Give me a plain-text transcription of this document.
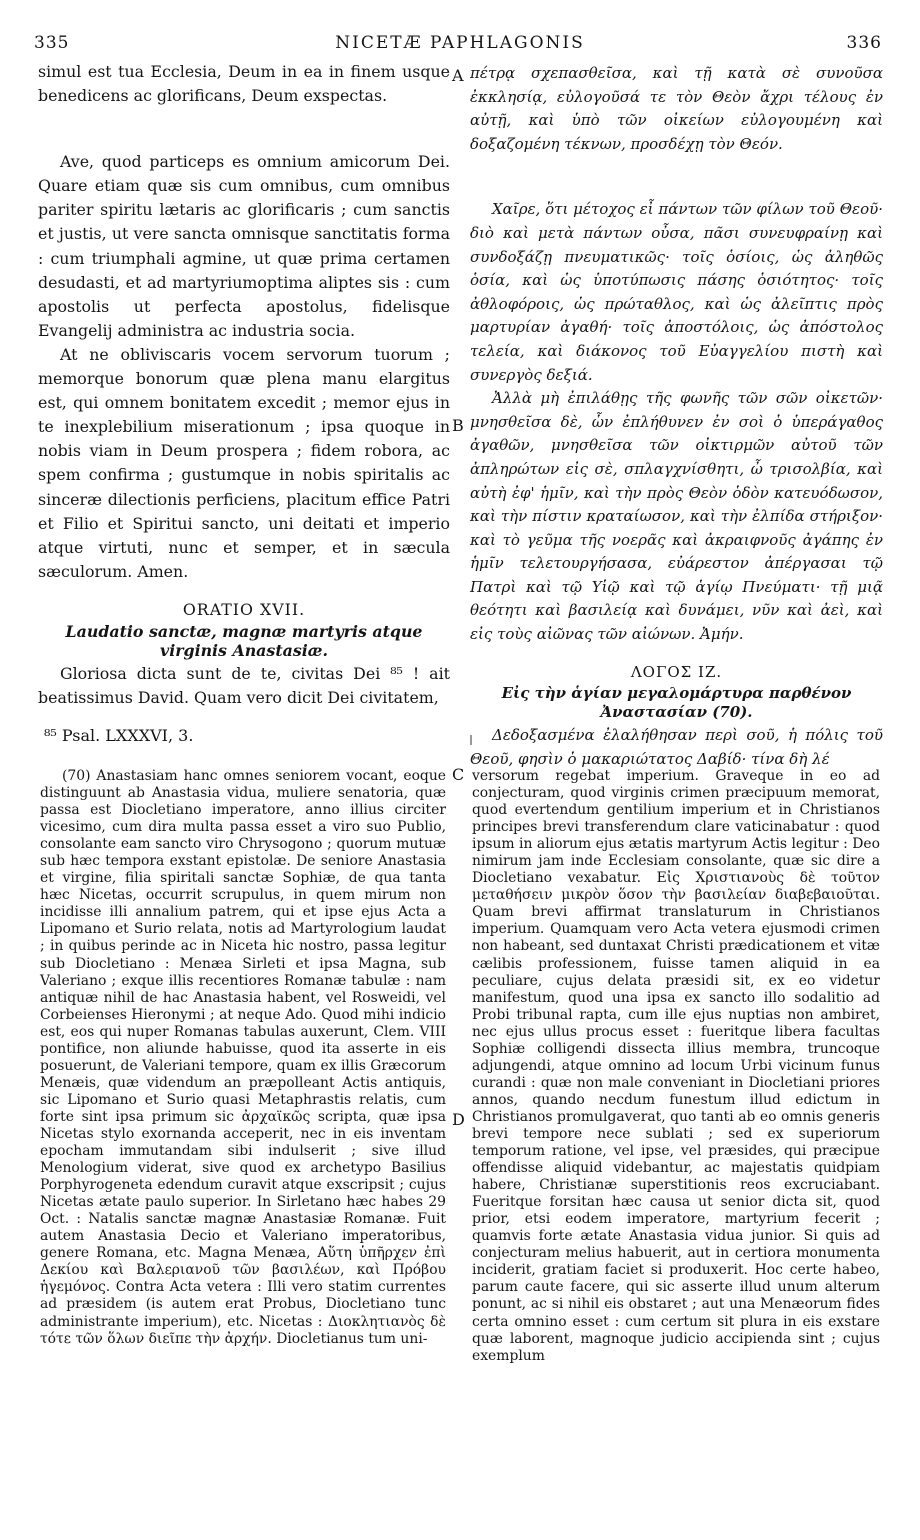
335	NICETÆ PAPHLAGONIS	336
A
B
C
D

simul est tua Ecclesia, Deum in ea in finem usque benedicens ac glorificans, Deum exspectas.

Ave, quod particeps es omnium amicorum Dei. Quare etiam quæ sis cum omnibus, cum omnibus pariter spiritu lætaris ac glorificaris ; cum sanctis et justis, ut vere sancta omnisque sanctitatis forma : cum triumphali agmine, ut quæ prima certamen desudasti, et ad martyriumoptima aliptes sis : cum apostolis ut perfecta apostolus, fidelisque Evangelij administra ac industria socia.

At ne obliviscaris vocem servorum tuorum ; memorque bonorum quæ plena manu elargitus est, qui omnem bonitatem excedit ; memor ejus in te inexplebilium miserationum ; ipsa quoque in nobis viam in Deum prospera ; fidem robora, ac spem confirma ; gustumque in nobis spiritalis ac sinceræ dilectionis perficiens, placitum effice Patri et Filio et Spiritui sancto, uni deitati et imperio atque virtuti, nunc et semper, et in sæcula sæculorum. Amen.

ORATIO XVII.

Laudatio sanctæ, magnæ martyris atque virginis Anastasiæ.

Gloriosa dicta sunt de te, civitas Dei ⁸⁵ ! ait beatissimus David. Quam vero dicit Dei civitatem,

πέτρᾳ σχεπασθεῖσα, καὶ τῇ κατὰ σὲ συνοῦσα ἐκκλησίᾳ, εὐλογοῦσά τε τὸν Θεὸν ἄχρι τέλους ἐν αὐτῇ, καὶ ὑπὸ τῶν οἰκείων εὐλογουμένη καὶ δοξαζομένη τέκνων, προσδέχῃ τὸν Θεόν.

Χαῖρε, ὅτι μέτοχος εἶ πάντων τῶν φίλων τοῦ Θεοῦ· διὸ καὶ μετὰ πάντων οὖσα, πᾶσι συνευφραίνῃ καὶ συνδοξάζῃ πνευματικῶς· τοῖς ὁσίοις, ὡς ἀληθῶς ὁσία, καὶ ὡς ὑποτύπωσις πάσης ὁσιότητος· τοῖς ἀθλοφόροις, ὡς πρώταθλος, καὶ ὡς ἀλεῖπτις πρὸς μαρτυρίαν ἀγαθή· τοῖς ἀποστόλοις, ὡς ἀπόστολος τελεία, καὶ διάκονος τοῦ Εὐαγγελίου πιστὴ καὶ συνεργὸς δεξιά.

Ἀλλὰ μὴ ἐπιλάθῃς τῆς φωνῆς τῶν σῶν οἰκετῶν· μνησθεῖσα δὲ, ὧν ἐπλήθυνεν ἐν σοὶ ὁ ὑπεράγαθος ἀγαθῶν, μνησθεῖσα τῶν οἰκτιρμῶν αὐτοῦ τῶν ἀπληρώτων εἰς σὲ, σπλαγχνίσθητι, ὦ τρισολβία, καὶ αὐτὴ ἐφ' ἡμῖν, καὶ τὴν πρὸς Θεὸν ὁδὸν κατευόδωσον, καὶ τὴν πίστιν κραταίωσον, καὶ τὴν ἐλπίδα στήριξον· καὶ τὸ γεῦμα τῆς νοερᾶς καὶ ἀκραιφνοῦς ἀγάπης ἐν ἡμῖν τελετουργήσασα, εὐάρεστον ἀπέργασαι τῷ Πατρὶ καὶ τῷ Υἱῷ καὶ τῷ ἁγίῳ Πνεύματι· τῇ μιᾷ θεότητι καὶ βασιλείᾳ καὶ δυνάμει, νῦν καὶ ἀεὶ, καὶ εἰς τοὺς αἰῶνας τῶν αἰώνων. Ἀμήν.

ΛΟΓΟΣ ΙΖ.

Εἰς τὴν ἁγίαν μεγαλομάρτυρα παρθένον Ἀναστασίαν (70).

Δεδοξασμένα ἐλαλήθησαν περὶ σοῦ, ἡ πόλις τοῦ Θεοῦ, φησὶν ὁ μακαριώτατος Δαβίδ· τίνα δὴ λέ

⁸⁵ Psal. LXXXVI, 3.

(70) Anastasiam hanc omnes seniorem vocant, eoque distinguunt ab Anastasia vidua, muliere senatoria, quæ passa est Diocletiano imperatore, anno illius circiter vicesimo, cum dira multa passa esset a viro suo Publio, consolante eam sancto viro Chrysogono ; quorum mutuæ sub hæc tempora exstant epistolæ. De seniore Anastasia et virgine, filia spiritali sanctæ Sophiæ, de qua tanta hæc Nicetas, occurrit scrupulus, in quem mirum non incidisse illi annalium patrem, qui et ipse ejus Acta a Lipomano et Surio relata, notis ad Martyrologium laudat ; in quibus perinde ac in Niceta hic nostro, passa legitur sub Diocletiano : Menæa Sirleti et ipsa Magna, sub Valeriano ; exque illis recentiores Romanæ tabulæ : nam antiquæ nihil de hac Anastasia habent, vel Rosweidi, vel Corbeienses Hieronymi ; at neque Ado. Quod mihi indicio est, eos qui nuper Romanas tabulas auxerunt, Clem. VIII pontifice, non aliunde habuisse, quod ita asserte in eis posuerunt, de Valeriani tempore, quam ex illis Græcorum Menæis, quæ videndum an præpolleant Actis antiquis, sic Lipomano et Surio quasi Metaphrastis relatis, cum forte sint ipsa primum sic ἀρχαϊκῶς scripta, quæ ipsa Nicetas stylo exornanda acceperit, nec in eis inventam epocham immutandam sibi indulserit ; sive illud Menologium viderat, sive quod ex archetypo Basilius Porphyrogeneta edendum curavit atque exscripsit ; cujus Nicetas ætate paulo superior. In Sirletano hæc habes 29 Oct. : Natalis sanctæ magnæ Anastasiæ Romanæ. Fuit autem Anastasia Decio et Valeriano imperatoribus, genere Romana, etc. Magna Menæa, Αὕτη ὑπῆρχεν ἐπὶ Δεκίου καὶ Βαλεριανοῦ τῶν βασιλέων, καὶ Πρόβου ἡγεμόνος. Contra Acta vetera : Illi vero statim currentes ad præsidem (is autem erat Probus, Diocletiano tunc administrante imperium), etc. Nicetas : Διοκλητιανὸς δὲ τότε τῶν ὅλων διεῖπε τὴν ἀρχήν. Diocletianus tum uni-

versorum regebat imperium. Graveque in eo ad conjecturam, quod virginis crimen præcipuum memorat, quod evertendum gentilium imperium et in Christianos principes brevi transferendum clare vaticinabatur : quod ipsum in aliorum ejus ætatis martyrum Actis legitur : Deo nimirum jam inde Ecclesiam consolante, quæ sic dire a Diocletiano vexabatur. Εἰς Χριστιανοὺς δὲ τοῦτον μεταθήσειν μικρὸν ὅσον τὴν βασιλείαν διαβεβαιοῦται. Quam brevi affirmat translaturum in Christianos imperium. Quamquam vero Acta vetera ejusmodi crimen non habeant, sed duntaxat Christi prædicationem et vitæ cælibis professionem, fuisse tamen aliquid in ea peculiare, cujus delata præsidi sit, ex eo videtur manifestum, quod una ipsa ex sancto illo sodalitio ad Probi tribunal rapta, cum ille ejus nuptias non ambiret, nec ejus ullus procus esset : fueritque libera facultas Sophiæ colligendi dissecta illius membra, truncoque adjungendi, atque omnino ad locum Urbi vicinum funus curandi : quæ non male conveniant in Diocletiani priores annos, quando necdum funestum illud edictum in Christianos promulgaverat, quo tanti ab eo omnis generis brevi tempore nece sublati ; sed ex superiorum temporum ratione, vel ipse, vel præsides, qui præcipue offendisse aliquid videbantur, ac majestatis quidpiam habere, Christianæ superstitionis reos excruciabant. Fueritque forsitan hæc causa ut senior dicta sit, quod prior, etsi eodem imperatore, martyrium fecerit ; quamvis forte ætate Anastasia vidua junior. Si quis ad conjecturam melius habuerit, aut in certiora monumenta inciderit, gratiam faciet si produxerit. Hoc certe habeo, parum caute facere, qui sic asserte illud unum alterum ponunt, ac si nihil eis obstaret ; aut una Menæorum fides certa omnino esset : cum certum sit plura in eis exstare quæ laborent, magnoque judicio accipienda sint ; cujus exemplum
